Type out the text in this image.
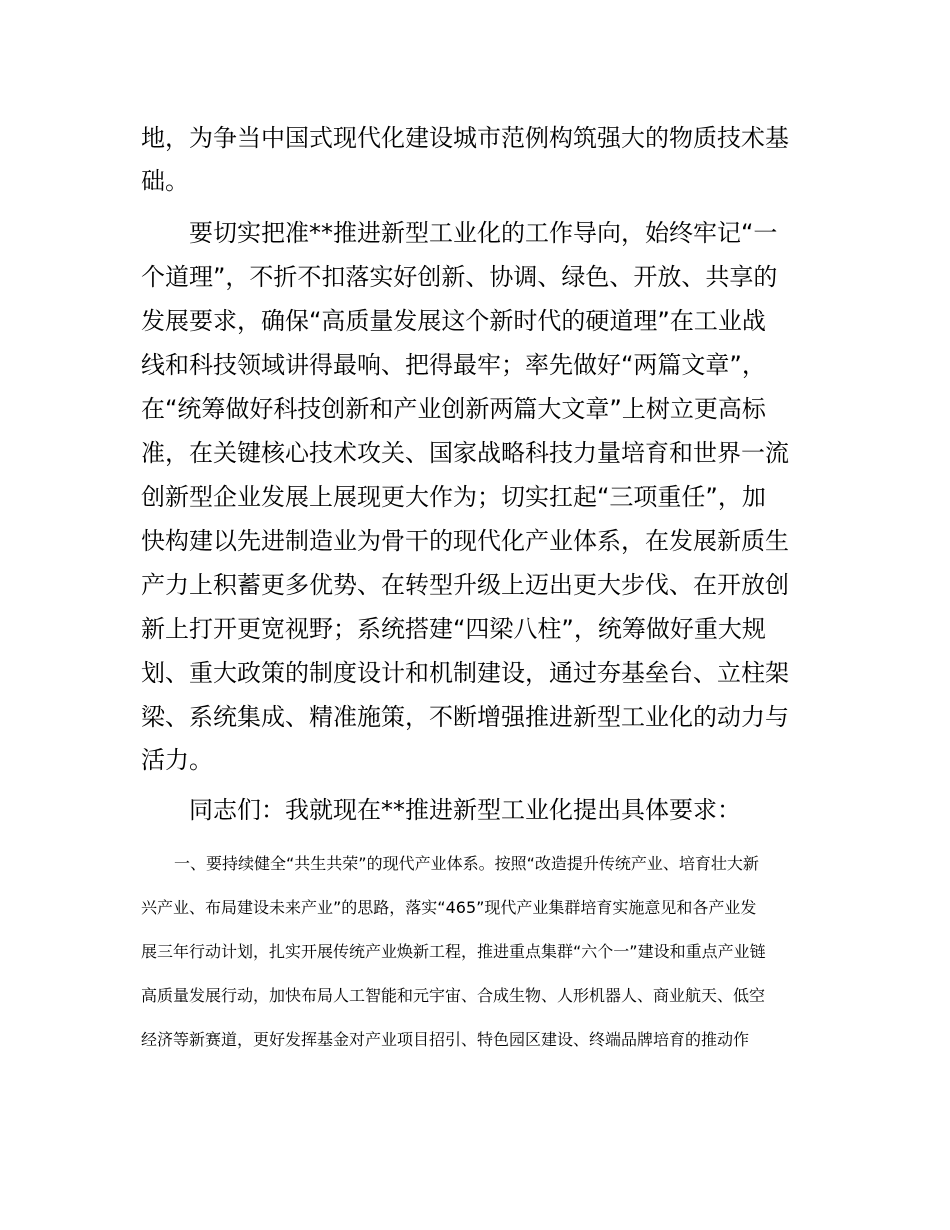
地，为争当中国式现代化建设城市范例构筑强大的物质技术基

础。

要切实把准**推进新型工业化的工作导向，始终牢记“一

个道理”，不折不扣落实好创新、协调、绿色、开放、共享的

发展要求，确保“高质量发展这个新时代的硬道理”在工业战

线和科技领域讲得最响、把得最牢；率先做好“两篇文章”，

在“统筹做好科技创新和产业创新两篇大文章”上树立更高标

准，在关键核心技术攻关、国家战略科技力量培育和世界一流

创新型企业发展上展现更大作为；切实扛起“三项重任”，加

快构建以先进制造业为骨干的现代化产业体系，在发展新质生

产力上积蓄更多优势、在转型升级上迈出更大步伐、在开放创

新上打开更宽视野；系统搭建“四梁八柱”，统筹做好重大规

划、重大政策的制度设计和机制建设，通过夯基垒台、立柱架

梁、系统集成、精准施策，不断增强推进新型工业化的动力与

活力。

同志们：我就现在**推进新型工业化提出具体要求：

一、要持续健全“共生共荣”的现代产业体系。按照“改造提升传统产业、培育壮大新

兴产业、布局建设未来产业”的思路，落实“465”现代产业集群培育实施意见和各产业发

展三年行动计划，扎实开展传统产业焕新工程，推进重点集群“六个一”建设和重点产业链

高质量发展行动，加快布局人工智能和元宇宙、合成生物、人形机器人、商业航天、低空

经济等新赛道，更好发挥基金对产业项目招引、特色园区建设、终端品牌培育的推动作
